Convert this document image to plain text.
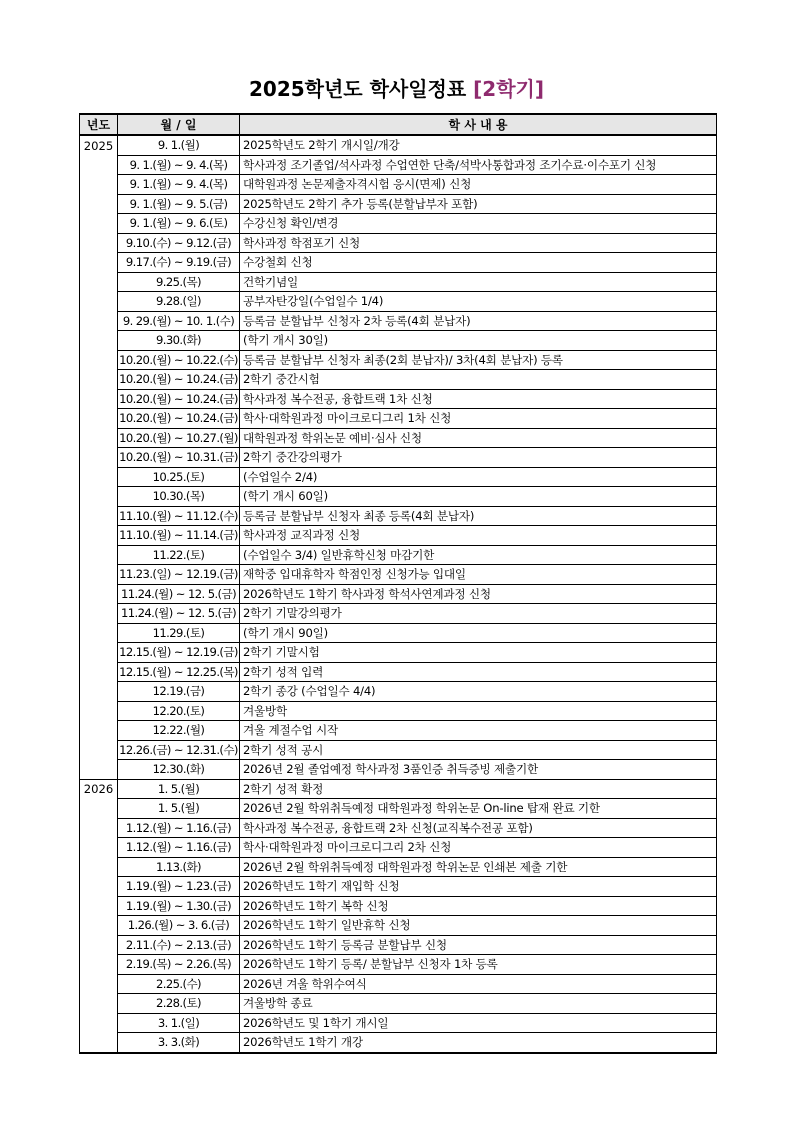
2025학년도 학사일정표 [2학기]
년도	월 / 일	학 사 내 용
2025	9. 1.(월)	2025학년도 2학기 개시일/개강
	9. 1.(월) ~ 9. 4.(목)	학사과정 조기졸업/석사과정 수업연한 단축/석박사통합과정 조기수료·이수포기 신청
	9. 1.(월) ~ 9. 4.(목)	대학원과정 논문제출자격시험 응시(면제) 신청
	9. 1.(월) ~ 9. 5.(금)	2025학년도 2학기 추가 등록(분할납부자 포함)
	9. 1.(월) ~ 9. 6.(토)	수강신청 확인/변경
	9.10.(수) ~ 9.12.(금)	학사과정 학점포기 신청
	9.17.(수) ~ 9.19.(금)	수강철회 신청
	9.25.(목)	건학기념일
	9.28.(일)	공부자탄강일(수업일수 1/4)
	9. 29.(월) ~ 10. 1.(수)	등록금 분할납부 신청자 2차 등록(4회 분납자)
	9.30.(화)	(학기 개시 30일)
	10.20.(월) ~ 10.22.(수)	등록금 분할납부 신청자 최종(2회 분납자)/ 3차(4회 분납자) 등록
	10.20.(월) ~ 10.24.(금)	2학기 중간시험
	10.20.(월) ~ 10.24.(금)	학사과정 복수전공, 융합트랙 1차 신청
	10.20.(월) ~ 10.24.(금)	학사·대학원과정 마이크로디그리 1차 신청
	10.20.(월) ~ 10.27.(월)	대학원과정 학위논문 예비·심사 신청
	10.20.(월) ~ 10.31.(금)	2학기 중간강의평가
	10.25.(토)	(수업일수 2/4)
	10.30.(목)	(학기 개시 60일)
	11.10.(월) ~ 11.12.(수)	등록금 분할납부 신청자 최종 등록(4회 분납자)
	11.10.(월) ~ 11.14.(금)	학사과정 교직과정 신청
	11.22.(토)	(수업일수 3/4) 일반휴학신청 마감기한
	11.23.(일) ~ 12.19.(금)	재학중 입대휴학자 학점인정 신청가능 입대일
	11.24.(월) ~ 12. 5.(금)	2026학년도 1학기 학사과정 학석사연계과정 신청
	11.24.(월) ~ 12. 5.(금)	2학기 기말강의평가
	11.29.(토)	(학기 개시 90일)
	12.15.(월) ~ 12.19.(금)	2학기 기말시험
	12.15.(월) ~ 12.25.(목)	2학기 성적 입력
	12.19.(금)	2학기 종강 (수업일수 4/4)
	12.20.(토)	겨울방학
	12.22.(월)	겨울 계절수업 시작
	12.26.(금) ~ 12.31.(수)	2학기 성적 공시
	12.30.(화)	2026년 2월 졸업예정 학사과정 3품인증 취득증빙 제출기한
2026	1. 5.(월)	2학기 성적 확정
	1. 5.(월)	2026년 2월 학위취득예정 대학원과정 학위논문 On-line 탑재 완료 기한
	1.12.(월) ~ 1.16.(금)	학사과정 복수전공, 융합트랙 2차 신청(교직복수전공 포함)
	1.12.(월) ~ 1.16.(금)	학사·대학원과정 마이크로디그리 2차 신청
	1.13.(화)	2026년 2월 학위취득예정 대학원과정 학위논문 인쇄본 제출 기한
	1.19.(월) ~ 1.23.(금)	2026학년도 1학기 재입학 신청
	1.19.(월) ~ 1.30.(금)	2026학년도 1학기 복학 신청
	1.26.(월) ~ 3. 6.(금)	2026학년도 1학기 일반휴학 신청
	2.11.(수) ~ 2.13.(금)	2026학년도 1학기 등록금 분할납부 신청
	2.19.(목) ~ 2.26.(목)	2026학년도 1학기 등록/ 분할납부 신청자 1차 등록
	2.25.(수)	2026년 겨울 학위수여식
	2.28.(토)	겨울방학 종료
	3. 1.(일)	2026학년도 및 1학기 개시일
	3. 3.(화)	2026학년도 1학기 개강
